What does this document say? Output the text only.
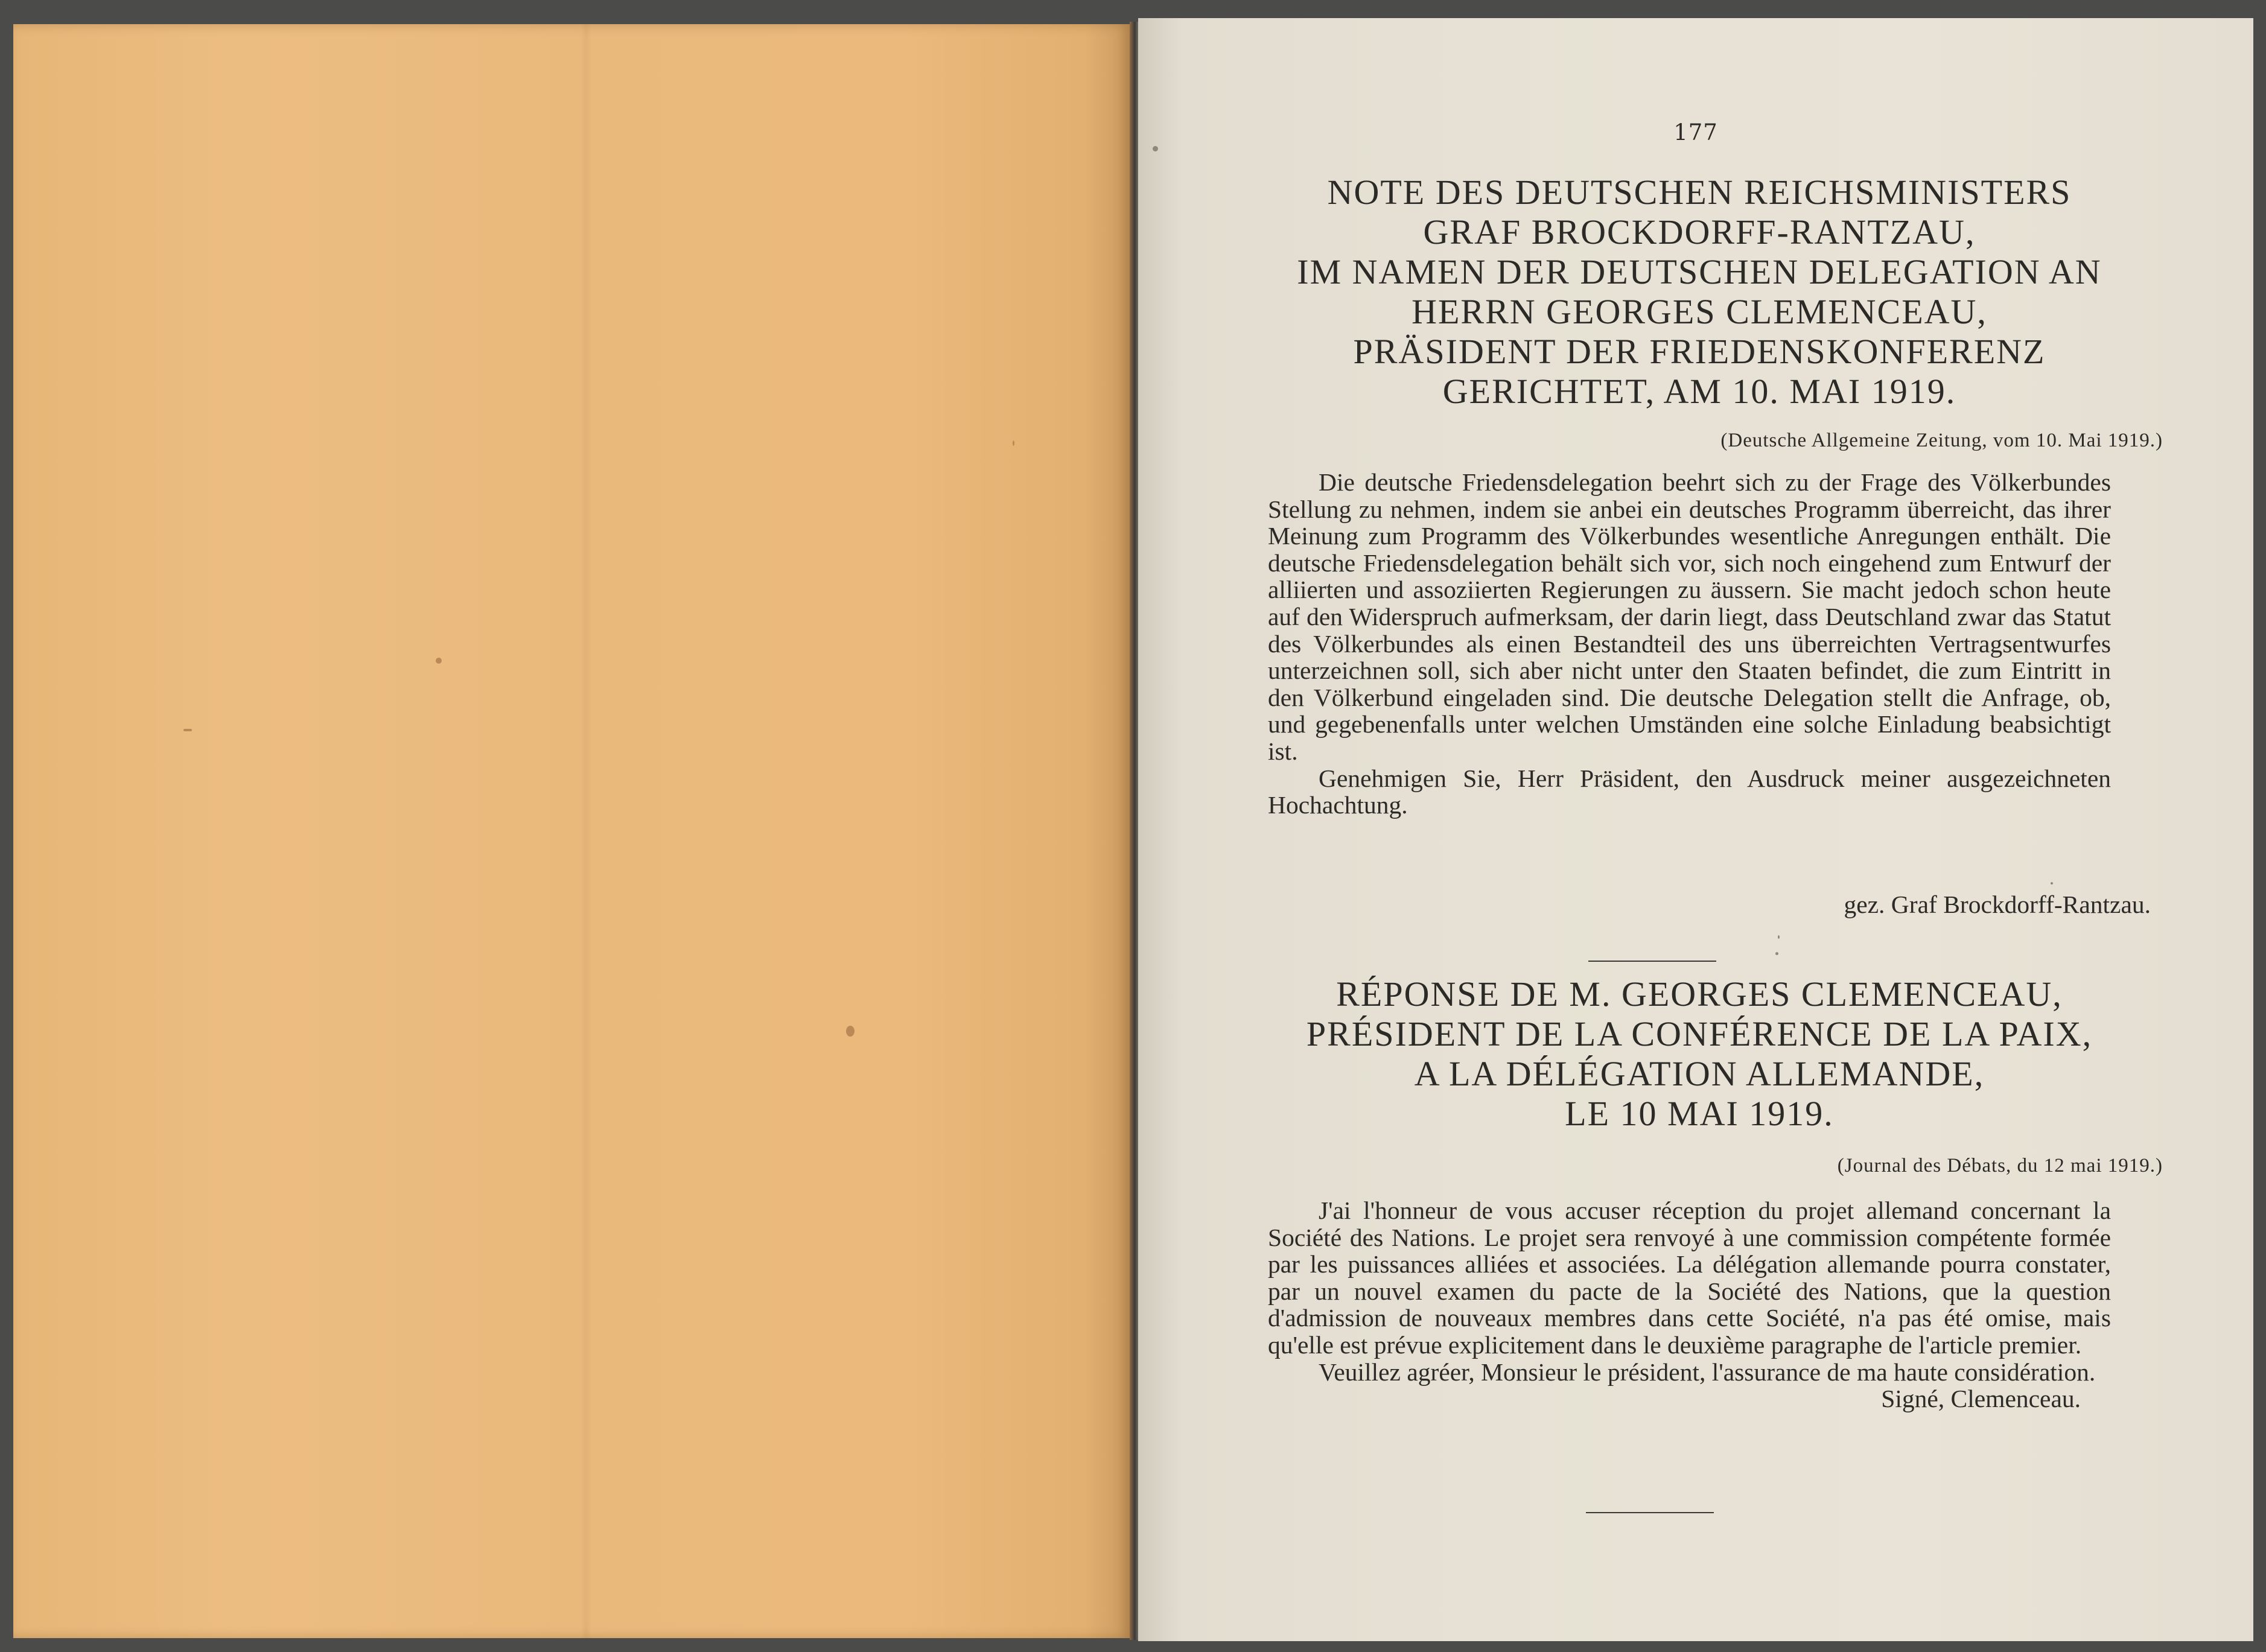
177
NOTE DES DEUTSCHEN REICHSMINISTERS
GRAF BROCKDORFF-RANTZAU,
IM NAMEN DER DEUTSCHEN DELEGATION AN
HERRN GEORGES CLEMENCEAU,
PRÄSIDENT DER FRIEDENSKONFERENZ
GERICHTET, AM 10. MAI 1919.
(Deutsche Allgemeine Zeitung, vom 10. Mai 1919.)

Die deutsche Friedensdelegation beehrt sich zu der Frage des Völkerbundes Stellung zu nehmen, indem sie anbei ein deutsches Programm überreicht, das ihrer Meinung zum Programm des Völkerbundes wesentliche Anregungen enthält. Die deutsche Friedensdelegation behält sich vor, sich noch eingehend zum Entwurf der alliierten und assoziierten Regierungen zu äussern. Sie macht jedoch schon heute auf den Widerspruch aufmerksam, der darin liegt, dass Deutschland zwar das Statut des Völkerbundes als einen Bestandteil des uns überreichten Vertragsentwurfes unterzeichnen soll, sich aber nicht unter den Staaten befindet, die zum Eintritt in den Völkerbund eingeladen sind. Die deutsche Delegation stellt die Anfrage, ob, und gegebenenfalls unter welchen Umständen eine solche Einladung beabsichtigt ist.

Genehmigen Sie, Herr Präsident, den Ausdruck meiner ausgezeichneten Hochachtung.

gez. Graf Brockdorff-Rantzau.
RÉPONSE DE M. GEORGES CLEMENCEAU,
PRÉSIDENT DE LA CONFÉRENCE DE LA PAIX,
A LA DÉLÉGATION ALLEMANDE,
LE 10 MAI 1919.
(Journal des Débats, du 12 mai 1919.)

J'ai l'honneur de vous accuser réception du projet allemand concernant la Société des Nations. Le projet sera renvoyé à une commission compétente formée par les puissances alliées et associées. La délégation allemande pourra constater, par un nouvel examen du pacte de la Société des Nations, que la question d'admission de nouveaux membres dans cette Société, n'a pas été omise, mais qu'elle est prévue explicitement dans le deuxième paragraphe de l'article premier.

Veuillez agréer, Monsieur le président, l'assurance de ma haute considération.
Signé, Clemenceau.
